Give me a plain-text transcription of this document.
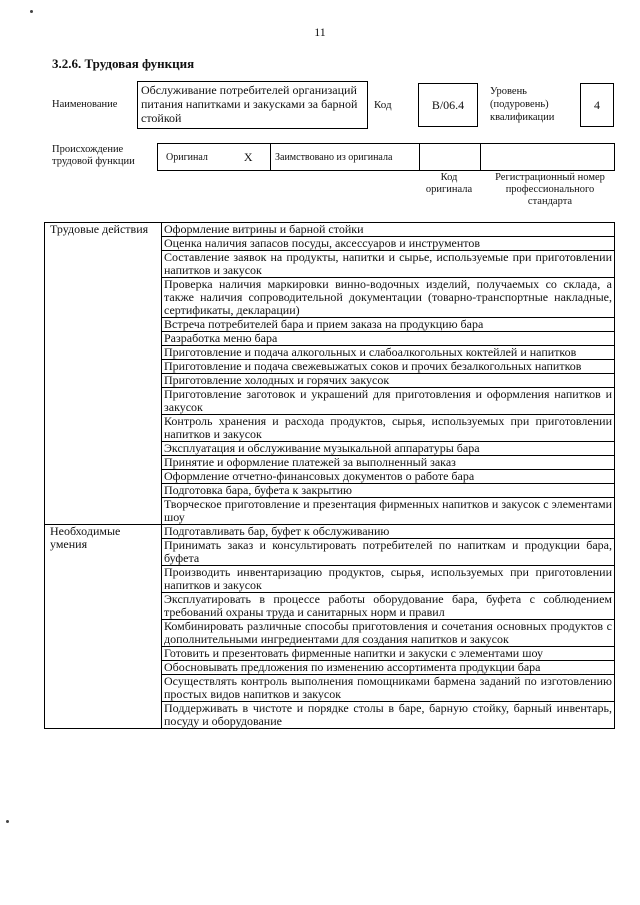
11
3.2.6. Трудовая функция
Наименование
Обслуживание потребителей организаций питания напитками и закусками за барной стойкой
Код	B/06.4
Уровень
(подуровень)
квалификации
4
Происхождение
трудовой функции	Оригинал	X	Заимствовано из оригинала
Код
оригинала
Регистрационный номер
профессионального
стандарта
Трудовые действия	Оформление витрины и барной стойки
	Оценка наличия запасов посуды, аксессуаров и инструментов
	Составление заявок на продукты, напитки и сырье, используемые при приготовлении напитков и закусок
	Проверка наличия маркировки винно-водочных изделий, получаемых со склада, а также наличия сопроводительной документации (товарно-транспортные накладные, сертификаты, декларации)
	Встреча потребителей бара и прием заказа на продукцию бара
	Разработка меню бара
	Приготовление и подача алкогольных и слабоалкогольных коктейлей и напитков
	Приготовление и подача свежевыжатых соков и прочих безалкогольных напитков
	Приготовление холодных и горячих закусок
	Приготовление заготовок и украшений для приготовления и оформления напитков и закусок
	Контроль хранения и расхода продуктов, сырья, используемых при приготовлении напитков и закусок
	Эксплуатация и обслуживание музыкальной аппаратуры бара
	Принятие и оформление платежей за выполненный заказ
	Оформление отчетно-финансовых документов о работе бара
	Подготовка бара, буфета к закрытию
	Творческое приготовление и презентация фирменных напитков и закусок с элементами шоу
Необходимые умения	Подготавливать бар, буфет к обслуживанию
	Принимать заказ и консультировать потребителей по напиткам и продукции бара, буфета
	Производить инвентаризацию продуктов, сырья, используемых при приготовлении напитков и закусок
	Эксплуатировать в процессе работы оборудование бара, буфета с соблюдением требований охраны труда и санитарных норм и правил
	Комбинировать различные способы приготовления и сочетания основных продуктов с дополнительными ингредиентами для создания напитков и закусок
	Готовить и презентовать фирменные напитки и закуски с элементами шоу
	Обосновывать предложения по изменению ассортимента продукции бара
	Осуществлять контроль выполнения помощниками бармена заданий по изготовлению простых видов напитков и закусок
	Поддерживать в чистоте и порядке столы в баре, барную стойку, барный инвентарь, посуду и оборудование
